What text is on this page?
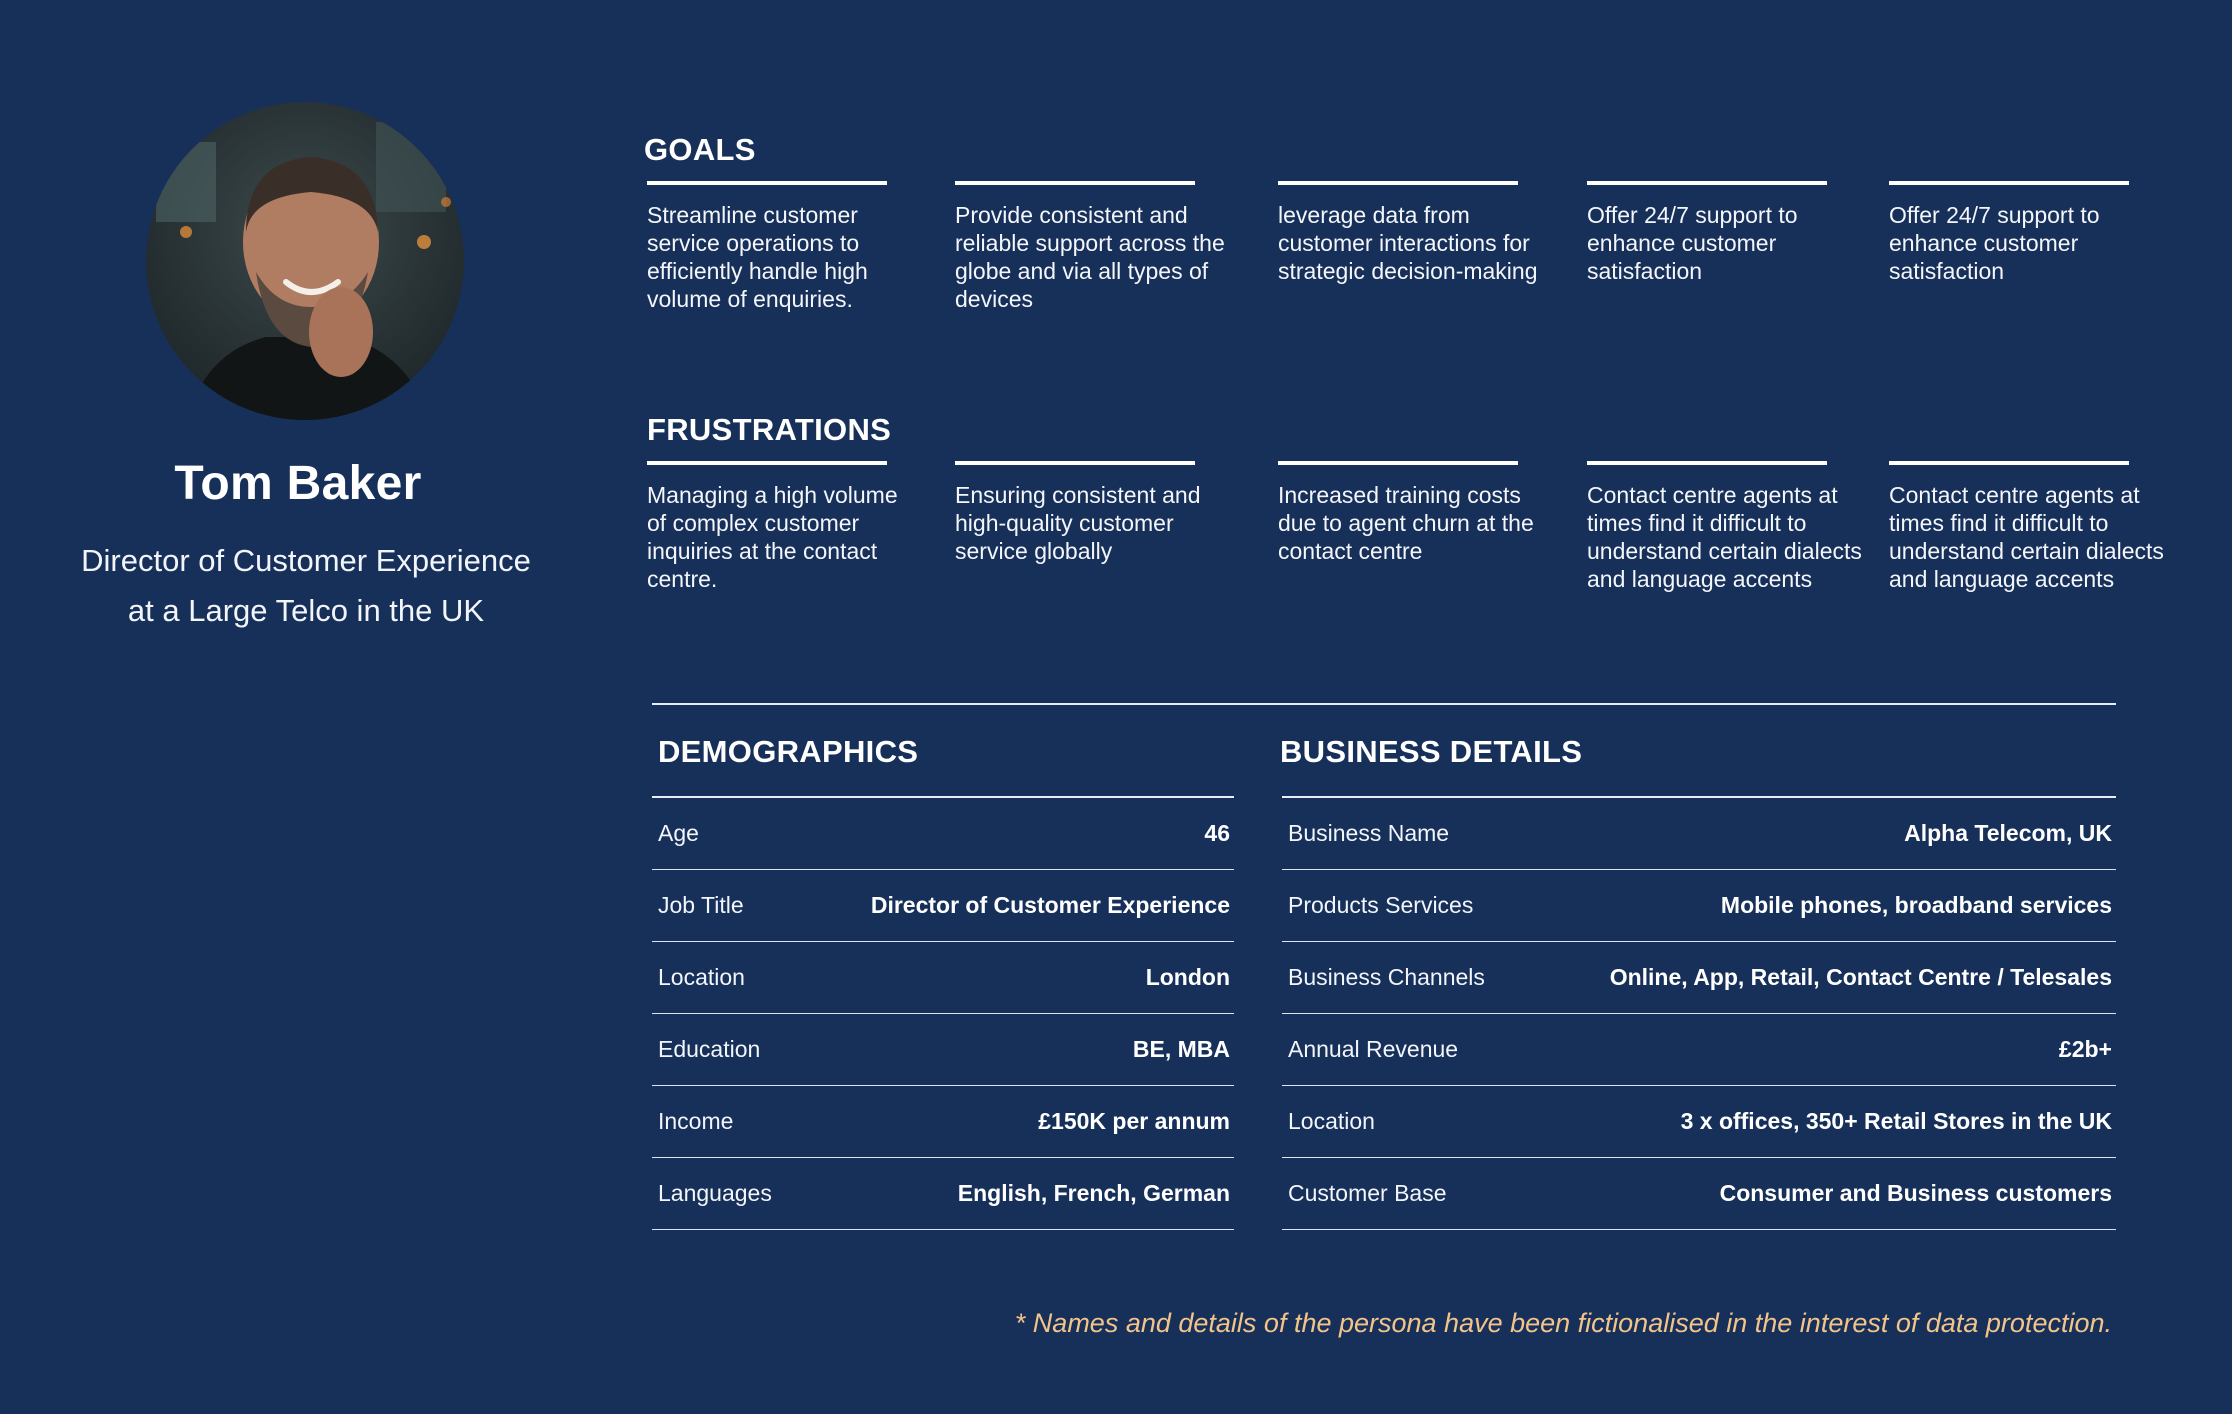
Tom Baker
Director of Customer Experience
at a Large Telco in the UK
GOALS
Streamline customer service operations to efficiently handle high volume of enquiries.
Provide consistent and reliable support across the globe and via all types of devices
leverage data from customer interactions for strategic decision-making
Offer 24/7 support to enhance customer satisfaction
Offer 24/7 support to enhance customer satisfaction
FRUSTRATIONS
Managing a high volume of complex customer inquiries at the contact centre.
Ensuring consistent and high-quality customer service globally
Increased training costs due to agent churn at the contact centre
Contact centre agents at times find it difficult to understand certain dialects and language accents
Contact centre agents at times find it difficult to understand certain dialects and language accents
DEMOGRAPHICS
Age	46
Job Title	Director of Customer Experience
Location	London
Education	BE, MBA
Income	£150K per annum
Languages	English, French, German
BUSINESS DETAILS
Business Name	Alpha Telecom, UK
Products Services	Mobile phones, broadband services
Business Channels	Online, App, Retail, Contact Centre / Telesales
Annual Revenue	£2b+
Location	3 x offices, 350+ Retail Stores in the UK
Customer Base	Consumer and Business customers
* Names and details of the persona have been fictionalised in the interest of data protection.
